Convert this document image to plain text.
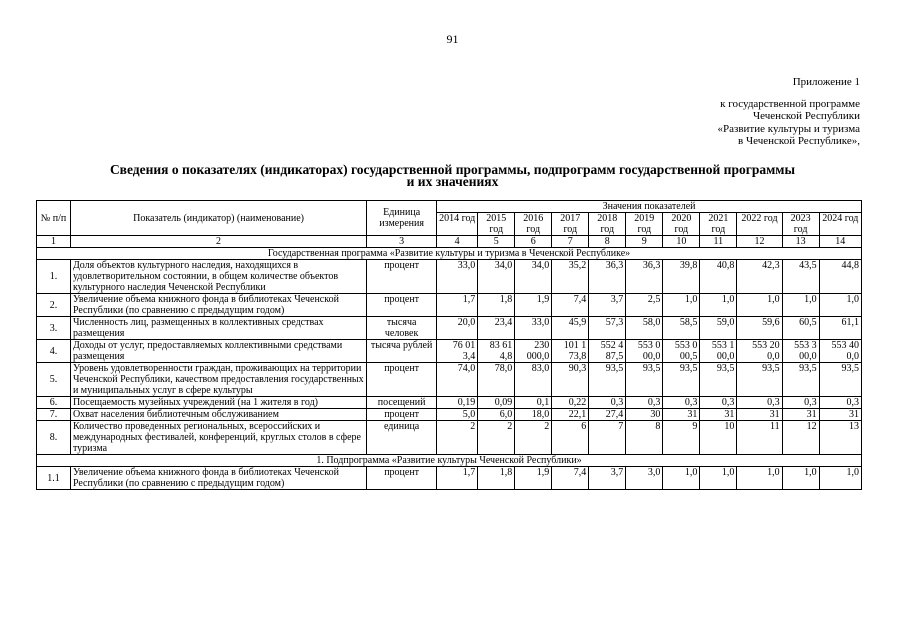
91
Приложение 1
к государственной программе
Чеченской Республики
«Развитие культуры и туризма
в Чеченской Республике»,
Сведения о показателях (индикаторах) государственной программы, подпрограмм государственной программы
и их значениях
№ п/п	Показатель (индикатор) (наименование)	Единица измерения	Значения показателей										
			2014 год	2015 год	2016 год	2017 год	2018 год	2019 год	2020 год	2021 год	2022 год	2023 год	2024 год
1	2	3	4	5	6	7	8	9	10	11	12	13	14
Государственная программа «Развитие культуры и туризма в Чеченской Республике»													
1.	Доля объектов культурного наследия, находящихся в удовлетворительном состоянии, в общем количестве объектов культурного наследия Чеченской Республики	процент	33,0	34,0	34,0	35,2	36,3	36,3	39,8	40,8	42,3	43,5	44,8
2.	Увеличение объема книжного фонда в библиотеках Чеченской Республики (по сравнению с предыдущим годом)	процент	1,7	1,8	1,9	7,4	3,7	2,5	1,0	1,0	1,0	1,0	1,0
3.	Численность лиц, размещенных в коллективных средствах размещения	тысяча человек	20,0	23,4	33,0	45,9	57,3	58,0	58,5	59,0	59,6	60,5	61,1
4.	Доходы от услуг, предоставляемых коллективными средствами размещения	тысяча рублей	76 01 3,4	83 61 4,8	230 000,0	101 1 73,8	552 4 87,5	553 0 00,0	553 0 00,5	553 1 00,0	553 20 0,0	553 3 00,0	553 40 0,0
5.	Уровень удовлетворенности граждан, проживающих на территории Чеченской Республики, качеством предоставления государственных и муниципальных услуг в сфере культуры	процент	74,0	78,0	83,0	90,3	93,5	93,5	93,5	93,5	93,5	93,5	93,5
6.	Посещаемость музейных учреждений (на 1 жителя в год)	посещений	0,19	0,09	0,1	0,22	0,3	0,3	0,3	0,3	0,3	0,3	0,3
7.	Охват населения библиотечным обслуживанием	процент	5,0	6,0	18,0	22,1	27,4	30	31	31	31	31	31
8.	Количество проведенных региональных, всероссийских и международных фестивалей, конференций, круглых столов в сфере туризма	единица	2	2	2	6	7	8	9	10	11	12	13
1. Подпрограмма «Развитие культуры Чеченской Республики»													
1.1	Увеличение объема книжного фонда в библиотеках Чеченской Республики (по сравнению с предыдущим годом)	процент	1,7	1,8	1,9	7,4	3,7	3,0	1,0	1,0	1,0	1,0	1,0
